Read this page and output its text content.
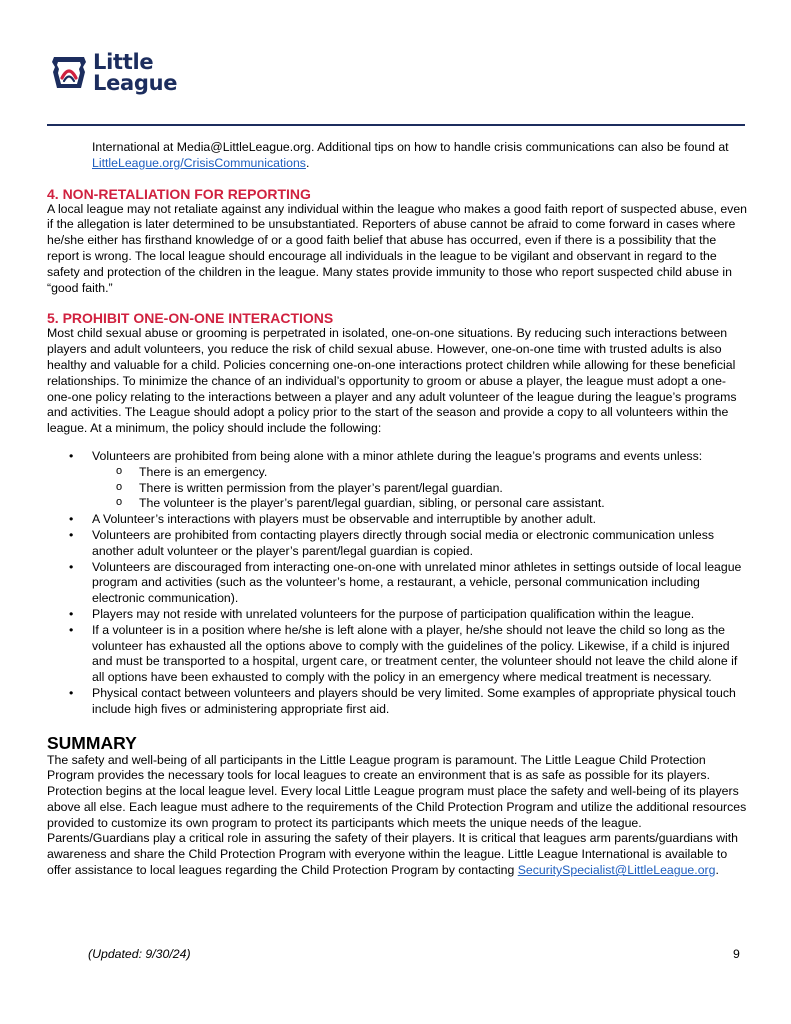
Little
League

International at Media@LittleLeague.org. Additional tips on how to handle crisis communications can also be found at LittleLeague.org/CrisisCommunications.

4. NON-RETALIATION FOR REPORTING

A local league may not retaliate against any individual within the league who makes a good faith report of suspected abuse, even if the allegation is later determined to be unsubstantiated. Reporters of abuse cannot be afraid to come forward in cases where he/she either has firsthand knowledge of or a good faith belief that abuse has occurred, even if there is a possibility that the report is wrong. The local league should encourage all individuals in the league to be vigilant and observant in regard to the safety and protection of the children in the league. Many states provide immunity to those who report suspected child abuse in “good faith.”

5. PROHIBIT ONE-ON-ONE INTERACTIONS

Most child sexual abuse or grooming is perpetrated in isolated, one-on-one situations. By reducing such interactions between players and adult volunteers, you reduce the risk of child sexual abuse. However, one-on-one time with trusted adults is also healthy and valuable for a child. Policies concerning one-on-one interactions protect children while allowing for these beneficial relationships. To minimize the chance of an individual’s opportunity to groom or abuse a player, the league must adopt a one-one-one policy relating to the interactions between a player and any adult volunteer of the league during the league’s programs and activities. The League should adopt a policy prior to the start of the season and provide a copy to all volunteers within the league. At a minimum, the policy should include the following:

• Volunteers are prohibited from being alone with a minor athlete during the league’s programs and events unless:
o There is an emergency.
o There is written permission from the player’s parent/legal guardian.
o The volunteer is the player’s parent/legal guardian, sibling, or personal care assistant.
• A Volunteer’s interactions with players must be observable and interruptible by another adult.
• Volunteers are prohibited from contacting players directly through social media or electronic communication unless another adult volunteer or the player’s parent/legal guardian is copied.
• Volunteers are discouraged from interacting one-on-one with unrelated minor athletes in settings outside of local league program and activities (such as the volunteer’s home, a restaurant, a vehicle, personal communication including electronic communication).
• Players may not reside with unrelated volunteers for the purpose of participation qualification within the league.
• If a volunteer is in a position where he/she is left alone with a player, he/she should not leave the child so long as the volunteer has exhausted all the options above to comply with the guidelines of the policy. Likewise, if a child is injured and must be transported to a hospital, urgent care, or treatment center, the volunteer should not leave the child alone if all options have been exhausted to comply with the policy in an emergency where medical treatment is necessary.
• Physical contact between volunteers and players should be very limited. Some examples of appropriate physical touch include high fives or administering appropriate first aid.
SUMMARY

The safety and well-being of all participants in the Little League program is paramount. The Little League Child Protection Program provides the necessary tools for local leagues to create an environment that is as safe as possible for its players. Protection begins at the local league level. Every local Little League program must place the safety and well-being of its players above all else. Each league must adhere to the requirements of the Child Protection Program and utilize the additional resources provided to customize its own program to protect its participants which meets the unique needs of the league. Parents/Guardians play a critical role in assuring the safety of their players. It is critical that leagues arm parents/guardians with awareness and share the Child Protection Program with everyone within the league. Little League International is available to offer assistance to local leagues regarding the Child Protection Program by contacting SecuritySpecialist@LittleLeague.org.

(Updated: 9/30/24)	9
